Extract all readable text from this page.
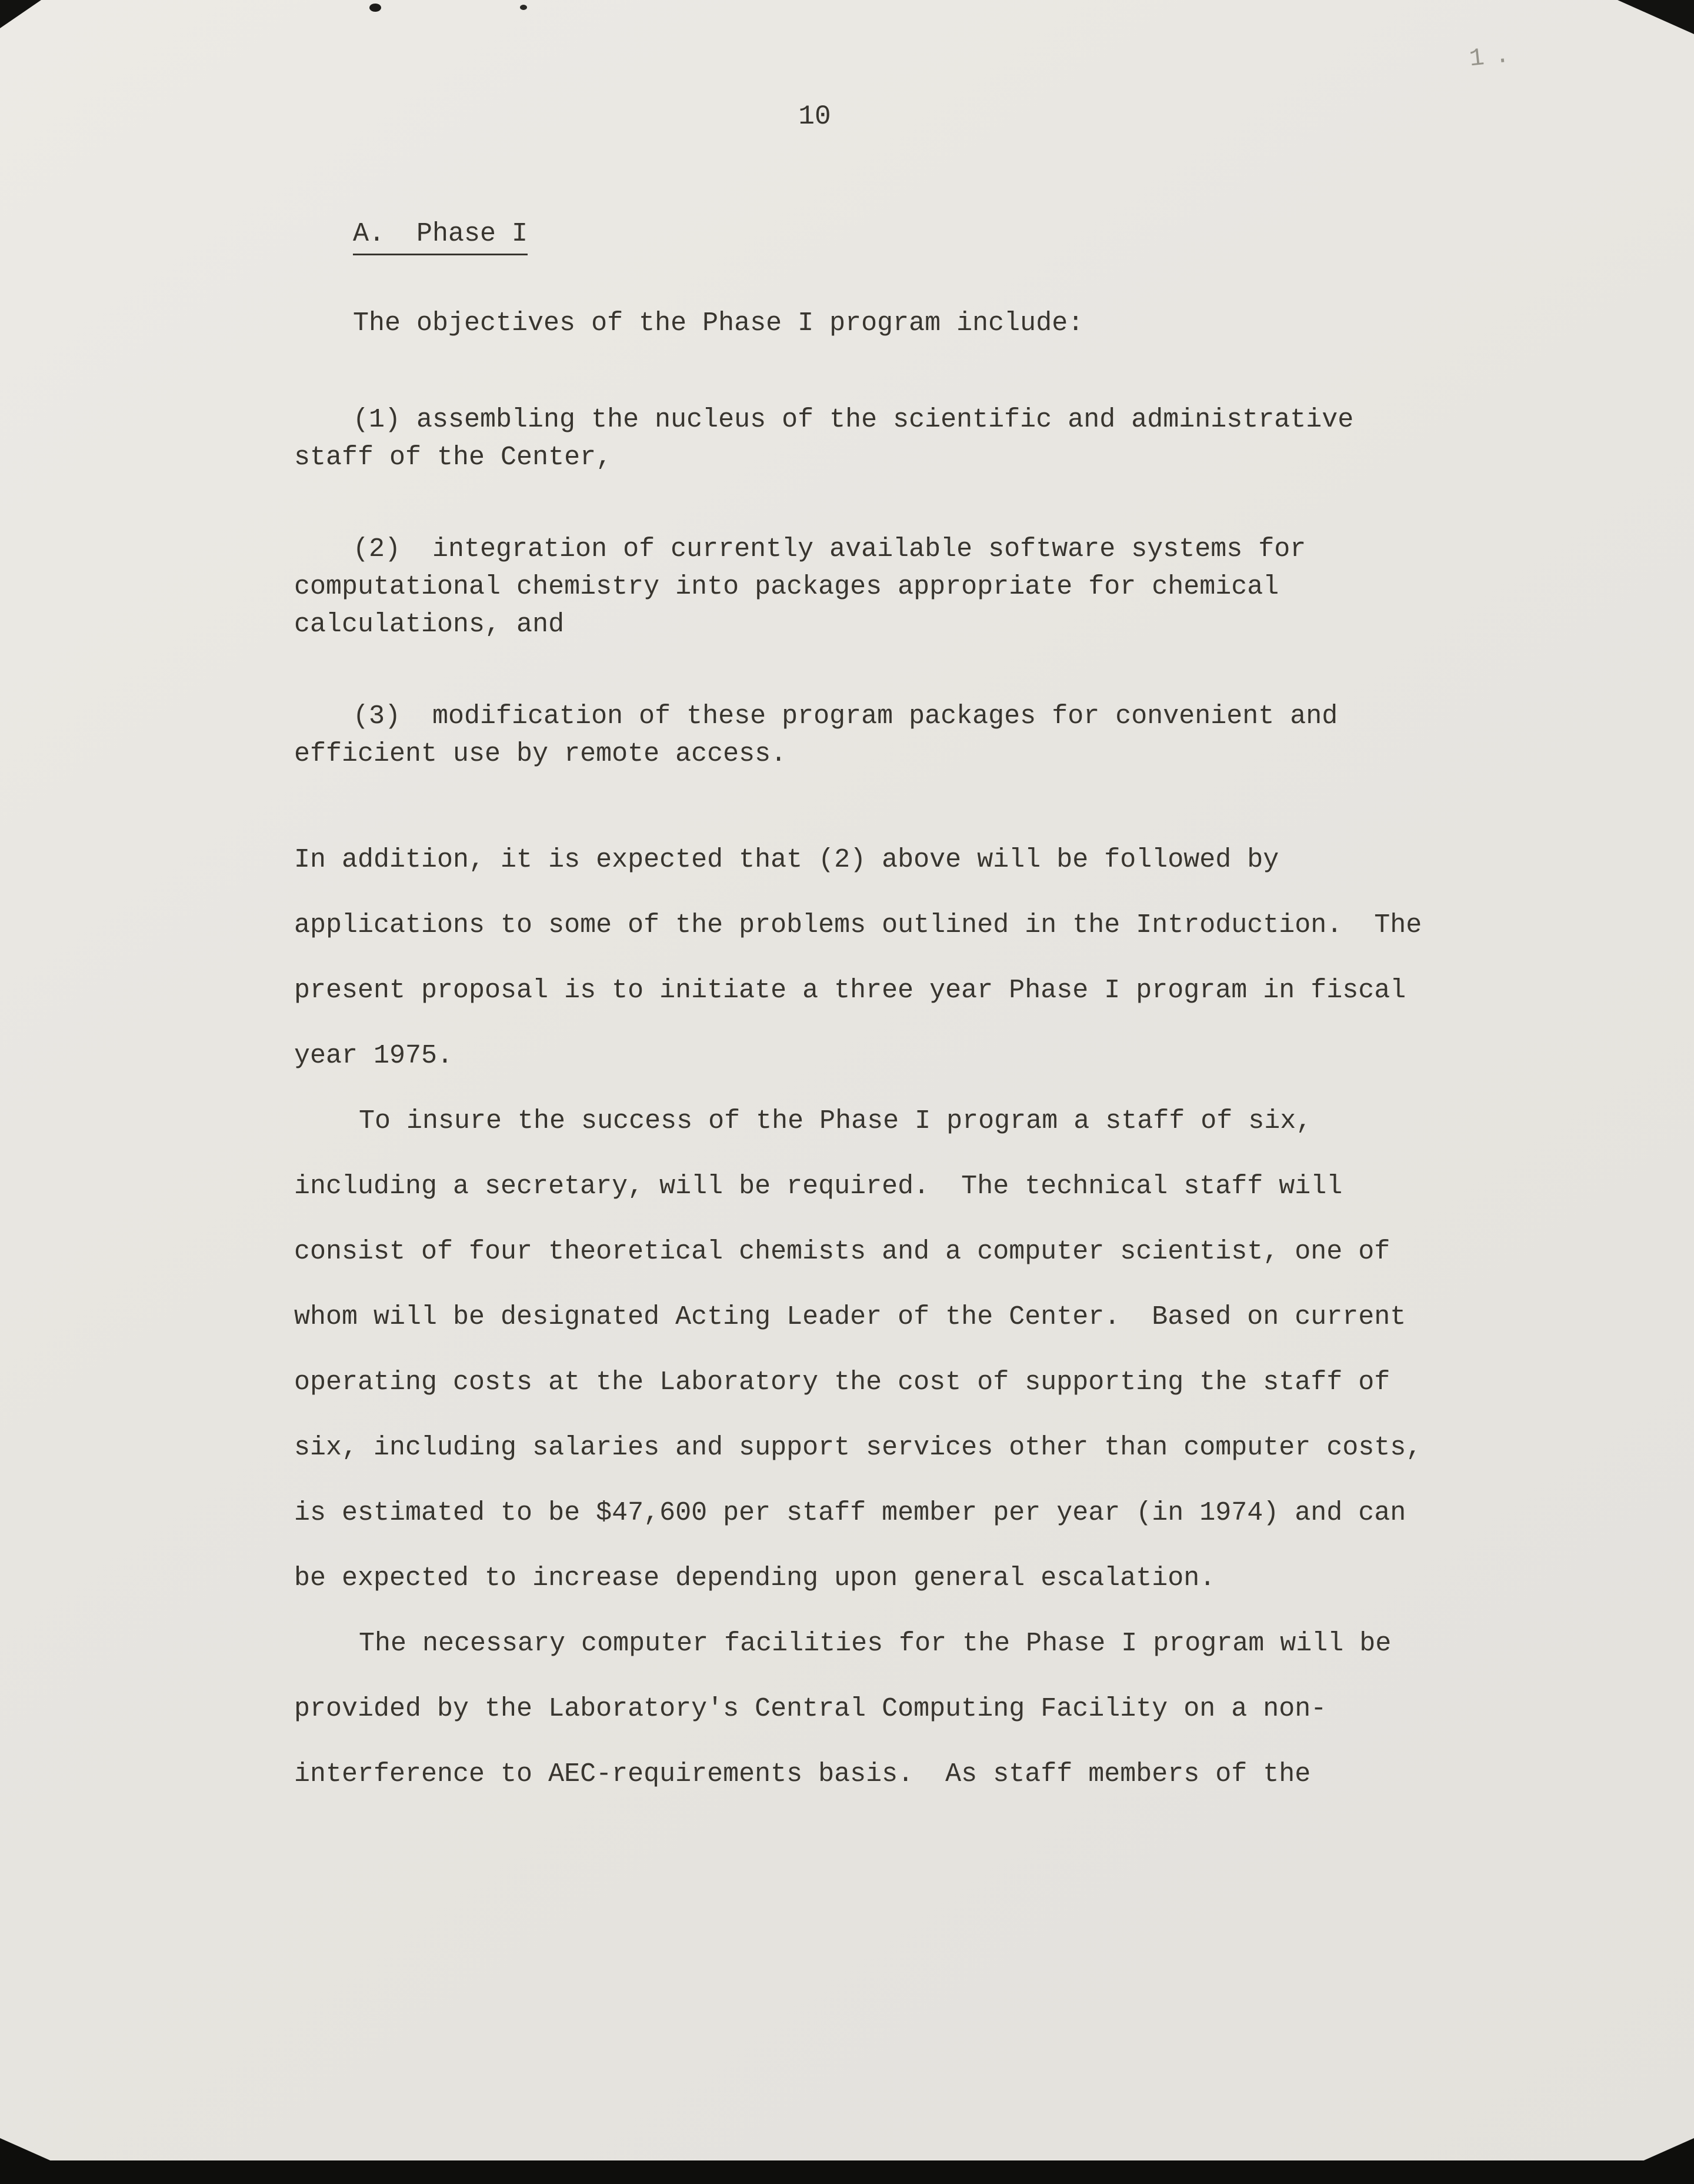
1.
10
A.  Phase I

The objectives of the Phase I program include:

(1) assembling the nucleus of the scientific and administrative staff of the Center,

(2)  integration of currently available software systems for computational chemistry into packages appropriate for chemical calculations, and

(3)  modification of these program packages for convenient and efficient use by remote access.

In addition, it is expected that (2) above will be followed by applications to some of the problems outlined in the Introduction.  The present proposal is to initiate a three year Phase I program in fiscal year 1975.

To insure the success of the Phase I program a staff of six, including a secretary, will be required.  The technical staff will consist of four theoretical chemists and a computer scientist, one of whom will be designated Acting Leader of the Center.  Based on current operating costs at the Laboratory the cost of supporting the staff of six, including salaries and support services other than computer costs, is estimated to be $47,600 per staff member per year (in 1974) and can be expected to increase depending upon general escalation.

The necessary computer facilities for the Phase I program will be provided by the Laboratory's Central Computing Facility on a non-interference to AEC-requirements basis.  As staff members of the
